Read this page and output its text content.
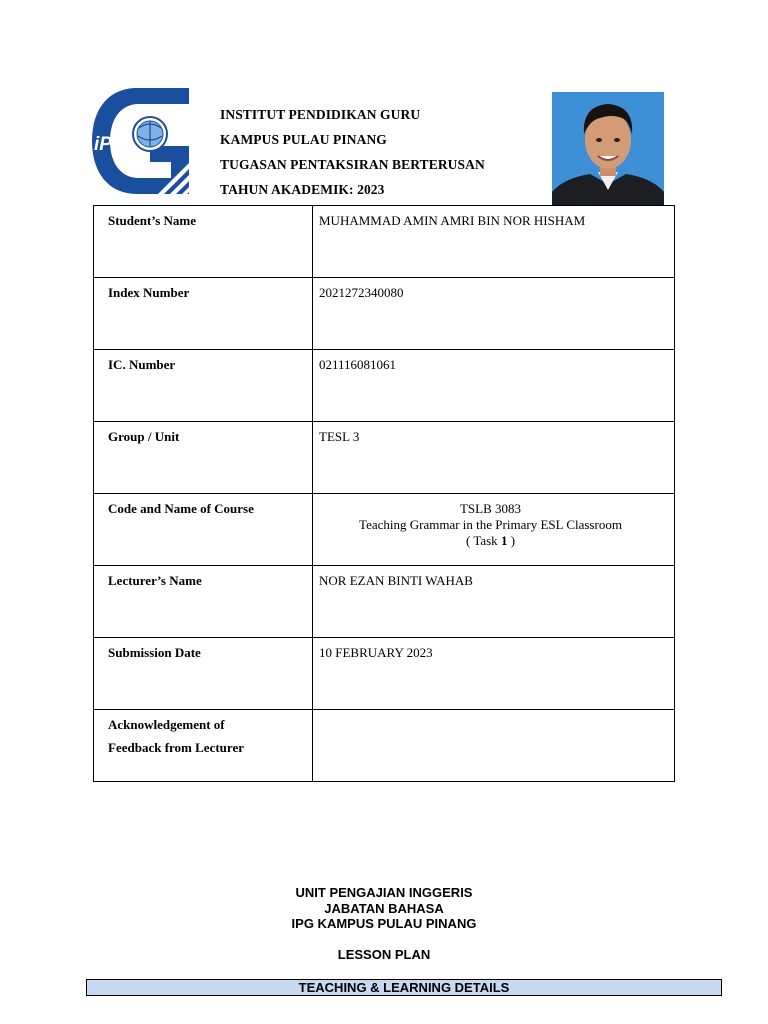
iPG
INSTITUT PENDIDIKAN GURU
KAMPUS PULAU PINANG
TUGASAN PENTAKSIRAN BERTERUSAN
TAHUN AKADEMIK: 2023
Student’s Name	MUHAMMAD AMIN AMRI BIN NOR HISHAM
Index Number	2021272340080
IC. Number	021116081061
Group / Unit	TESL 3
Code and Name of Course	TSLB 3083
Teaching Grammar in the Primary ESL Classroom
( Task 1 )

Lecturer’s Name	NOR EZAN BINTI WAHAB
Submission Date	10 FEBRUARY 2023

Acknowledgement of
Feedback from Lecturer	

UNIT PENGAJIAN INGGERIS
JABATAN BAHASA
IPG KAMPUS PULAU PINANG
LESSON PLAN
TEACHING & LEARNING DETAILS
